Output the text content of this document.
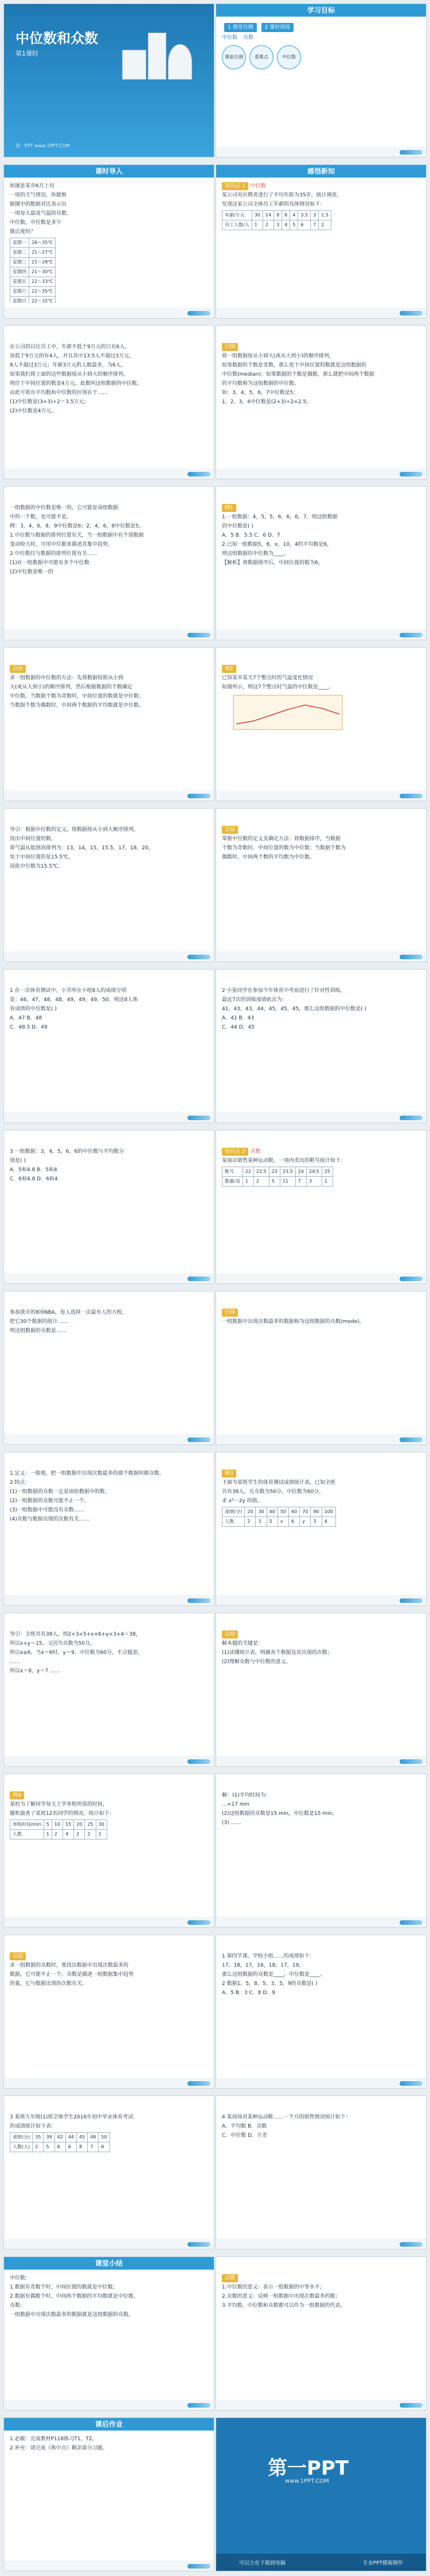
中位数和众数
第1课时
第一PPT www.1PPT.COM
学习目标
1 课堂自测 2 课时训练
中位数 众数
课前自测	重难点	中位数
课时导入

如图是某市6月上旬

一周的天气情况，你能根

据图中的数据对比表示出

一周每天最高气温的众数、

中位数，中位数是多少

摄氏度吗？

星期一	26～35℃
星期二	21～27℃
星期三	21～28℃
星期四	21～30℃
星期五	22～33℃
星期六	22～35℃
星期日	22～32℃
感悟新知

知识点 1 中位数

某公司对应聘者进行了平均年龄为35岁，统计调查，

发现这家公司全体员工年薪的具体情况如下：

年薪/万元	30	14	9	6	4	3.5	3	1.5
员工人数/人	1	2	3	4	5	6	7	2

在公司的以往员工中，年薪不低于9万元的只有6人，

说低于9万元的有4人，并且其中13.5人不超过3万元，

8人不超过3万元；年薪3万元的人数最多，为6人。

如果我们将上面的这些数据按从小到大的顺序排列，

则位于中间位置的数是4万元，此数叫这组数据的中位数。

由此可看出平均数和中位数的区别在于……

(1)中位数是(3+3)÷2＝3.5万元；

(2)中位数是4万元。

归纳

将一组数据按从小到大(或从大到小)的顺序排列，

如果数据的个数是奇数，那么处于中间位置的数就是这组数据的

中位数(median)；如果数据的个数是偶数，那么就把中间两个数据

的平均数称为这组数据的中位数。

如：3，4，5，6，7中位数是5；

1，2，3，4中位数是(2+3)÷2=2.5。

一组数据的中位数是唯一的，它可能是该组数据

中的一个数，也可能不是。

例：3，4，6，8，9中位数是6；2，4，6，8中位数是5。

1.中位数与数据的排列位置有关，当一组数据中有个别数据

变动较大时，可用中位数来描述其集中趋势。

2.中位数仅与数据的排列位置有关……

(1)在一组数据中可能有多个中位数

(2)中位数是唯一的

例1

1.一组数据：4，5，5，6，6，6，7，则这组数据

的中位数是( )

A．5 B．5.5 C．6 D．7

2.已知一组数据5，8，x，10，4的平均数是6，

则这组数据的中位数为____。

【解析】将数据排序后，中间位置的数为6。

总结

求一组数据的中位数的方法：先将数据按照从小到

大(或从大到小)的顺序排列，然后根据数据的个数确定

中位数。当数据个数为奇数时，中间位置的数就是中位数；

当数据个数为偶数时，中间两个数据的平均数就是中位数。

例2

已知某市某天7个整点时的气温变化情况

如图所示，则这7个整点时气温的中位数是____。

导引：根据中位数的定义，将数据按从小到大顺序排列，

找出中间位置的数。

将气温从低到高排列为：13，14，15，15.5，17，18，20，

处于中间位置的是15.5℃。

因此中位数为15.5℃。

总结

掌握中位数的定义及确定方法：将数据排序，当数据

个数为奇数时，中间位置的数为中位数；当数据个数为

偶数时，中间两个数的平均数为中位数。

1 在一次体育测试中，小芳所在小组8人的成绩分别

是：46，47，48，48，49，49，49，50，则这8人体

育成绩的中位数是( )

A．47 B．48

C．48.5 D．49

2 小张同学在参加今年体育中考前进行了针对性训练，

最近7次的训练成绩依次为：

41，43，43，44，45，45，45，那么这组数据的中位数是( )

A．41 B．43

C．44 D．45

3 一组数据：3，4，5，6，6的中位数与平均数分

别是( )

A．5和4.8 B．5和4

C．6和4.8 D．6和4

知识点 2 众数

某商店销售某种运动鞋，一周内卖出的鞋号统计如下：

鞋号	22	22.5	23	23.5	24	24.5	25
数量/双	1	2	5	11	7	3	1

参加我市的8场NBA，每人选择一次最有人的方程，

把它30个数据的统计……

则这组数据的众数是……

归纳

一组数据中出现次数最多的数据称为这组数据的众数(mode)。

1.定义：一般地，把一组数据中出现次数最多的那个数据叫做众数。

2.特点：

(1)一组数据的众数一定是该组数据中的数。

(2)一组数据的众数可能不止一个。

(3)一组数据中可能没有众数……

(4)众数与数据出现的次数有关……

例3

下面为某班学生的体育测试成绩统计表，已知全班

共有38人，且众数为50分，中位数为60分，

求 x²－2y 的值。

成绩(分)	20	30	40	50	60	70	90	100
人数	2	3	5	x	6	y	3	4

导引：全班共有38人，则2+3+5+x+6+y+3+4＝38，

所以x+y＝15，又因为众数为50分，

所以x≥6，当x＝6时，y＝9，中位数为60分，不合题意，

……

所以x＝8，y＝7 ……

总结

解本题的关键是：

(1)读懂统计表，明确各个数据及其出现的次数；

(2)理解众数与中位数的意义。

例4

某校为了解同学每天上学单程所需的时间，

随机抽查了某班12名同学的情况，统计如下：

单程时间/min	5	10	15	20	25	30
人数	1	2	4	2	2	1

解：(1)平均时间为：

…≈17 min

(2)这组数据的众数是15 min，中位数是15 min。

(3) ……

总结

求一组数据的众数时，要找出数据中出现次数最多的

数据，它可能不止一个。众数是描述一组数据集中趋势

的量，它与数据出现的次数有关。

1 第四节课，学校小组……的成绩如下：

17，18，17，16，18，17，19，

那么这组数据的众数是____，中位数是____。

2 数据1，5，8，5，3，5，9的众数是( )

A．5 B．3 C．8 D．9

3 某班九年级(1)班全体学生2016年初中毕业体育考试

的成绩统计如下表：

成绩(分)	35	39	42	44	45	48	50
人数(人)	2	5	6	6	8	7	6

4 某商场对某种运动鞋……一个月的销售情况统计如下：

A．平均数 B．众数

C．中位数 D．方差

课堂小结

中位数：

1.数据有奇数个时，中间位置的数就是中位数；

2.数据有偶数个时，中间两个数据的平均数就是中位数。

众数：

一组数据中出现次数最多的数据就是这组数据的众数。

点拨

1.中位数的意义：表示一组数据的中等水平；

2.众数的意义：反映一组数据中出现次数最多的数；

3.平均数、中位数和众数都可以作为一组数据的代表。

课后作业

1.必做：完成教材P118练习T1、T2。

2.补充：请完成《典中点》剩余部分习题。

第一PPT
www.1PPT.COM
可以立在下载到电脑	专业PPT模板制作
